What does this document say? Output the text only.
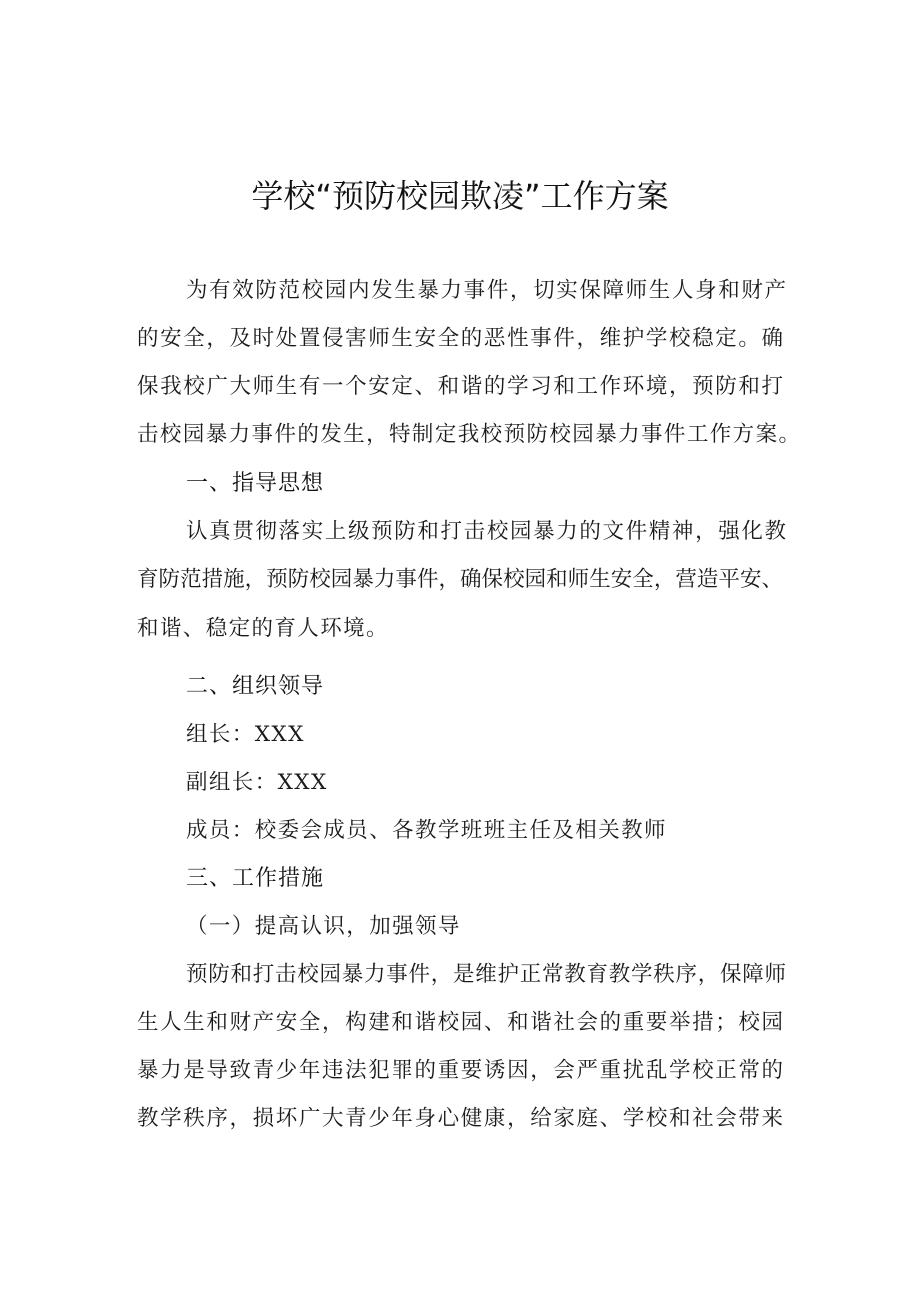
学校“预防校园欺凌”工作方案
为有效防范校园内发生暴力事件，切实保障师生人身和财产
的安全，及时处置侵害师生安全的恶性事件，维护学校稳定。确
保我校广大师生有一个安定、和谐的学习和工作环境，预防和打
击校园暴力事件的发生，特制定我校预防校园暴力事件工作方案。
一、指导思想
认真贯彻落实上级预防和打击校园暴力的文件精神，强化教
育防范措施，预防校园暴力事件，确保校园和师生安全，营造平安、
和谐、稳定的育人环境。
二、组织领导
组长：XXX
副组长：XXX
成员：校委会成员、各教学班班主任及相关教师
三、工作措施
（一）提高认识，加强领导
预防和打击校园暴力事件，是维护正常教育教学秩序，保障师
生人生和财产安全，构建和谐校园、和谐社会的重要举措；校园
暴力是导致青少年违法犯罪的重要诱因，会严重扰乱学校正常的
教学秩序，损坏广大青少年身心健康，给家庭、学校和社会带来
